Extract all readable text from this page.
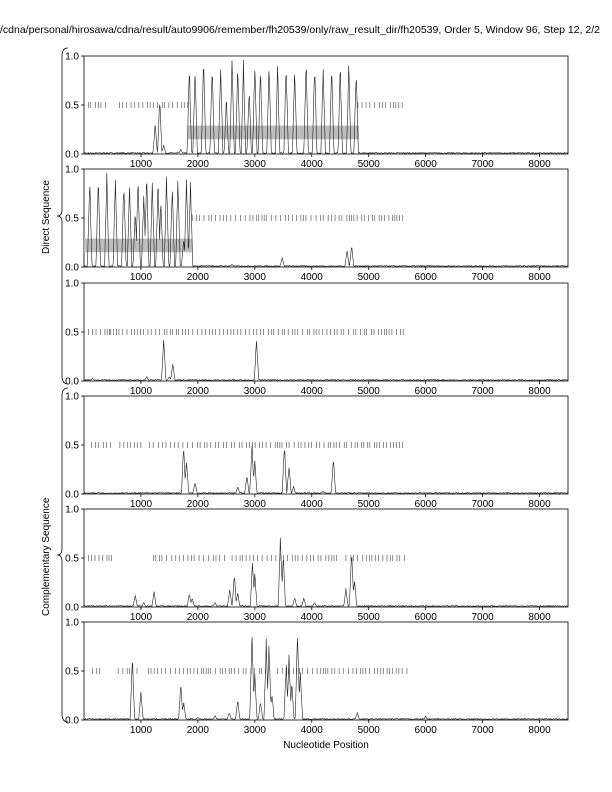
/cdna/personal/hirosawa/cdna/result/auto9906/remember/fh20539/only/raw_result_dir/fh20539, Order 5, Window 96, Step 12, 2/2
0.0
0.5
1.0
1000	2000	3000	4000	5000	6000	7000	8000
0.0
0.5
1.0
1000	2000	3000	4000	5000	6000	7000	8000
0.0
0.5
1.0
1000	2000	3000	4000	5000	6000	7000	8000
0.0
0.5
1.0
1000	2000	3000	4000	5000	6000	7000	8000
0.0
0.5
1.0
1000	2000	3000	4000	5000	6000	7000	8000
0.0
0.5
1.0
1000	2000	3000	4000	5000	6000	7000	8000
Direct Sequence
Complementary Sequence
Nucleotide Position
